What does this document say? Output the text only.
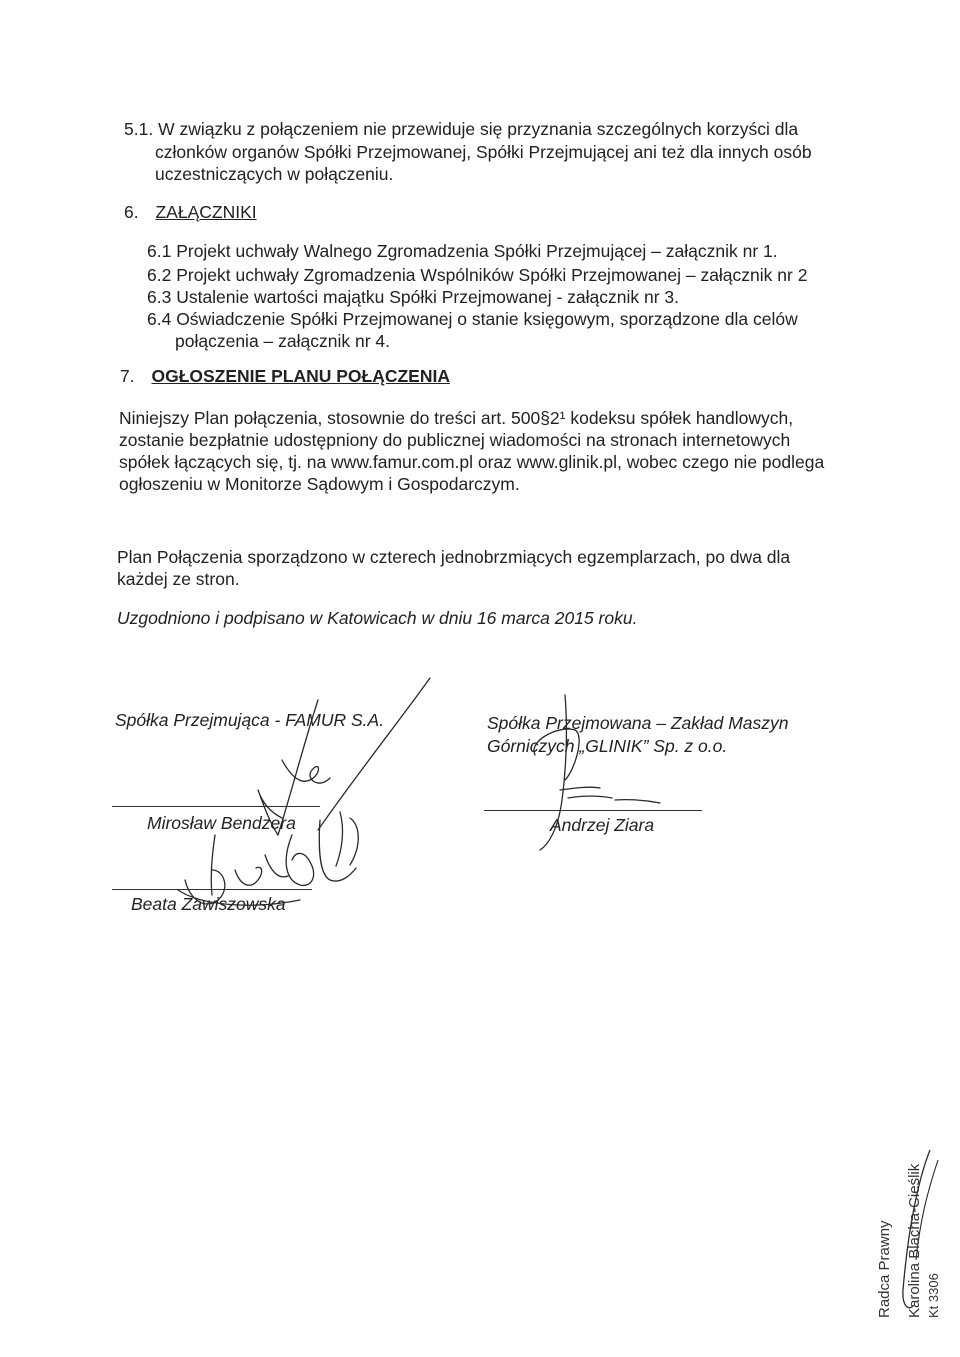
5.1. W związku z połączeniem nie przewiduje się przyznania szczególnych korzyści dla
członków organów Spółki Przejmowanej, Spółki Przejmującej ani też dla innych osób
uczestniczących w połączeniu.
6. ZAŁĄCZNIKI
6.1 Projekt uchwały Walnego Zgromadzenia Spółki Przejmującej – załącznik nr 1.
6.2 Projekt uchwały Zgromadzenia Wspólników Spółki Przejmowanej – załącznik nr 2
6.3 Ustalenie wartości majątku Spółki Przejmowanej - załącznik nr 3.
6.4 Oświadczenie Spółki Przejmowanej o stanie księgowym, sporządzone dla celów
połączenia – załącznik nr 4.
7. OGŁOSZENIE PLANU POŁĄCZENIA
Niniejszy Plan połączenia, stosownie do treści art. 500§2¹ kodeksu spółek handlowych,
zostanie bezpłatnie udostępniony do publicznej wiadomości na stronach internetowych
spółek łączących się, tj. na www.famur.com.pl oraz www.glinik.pl, wobec czego nie podlega
ogłoszeniu w Monitorze Sądowym i Gospodarczym.
Plan Połączenia sporządzono w czterech jednobrzmiących egzemplarzach, po dwa dla
każdej ze stron.
Uzgodniono i podpisano w Katowicach w dniu 16 marca 2015 roku.
Spółka Przejmująca - FAMUR S.A.	Spółka Przejmowana – Zakład Maszyn
Górniczych „GLINIK” Sp. z o.o.
Mirosław Bendzera	Andrzej Ziara
Beata Zawiszowska
Radca Prawny Karolina Blacha-Cieślik Kt 3306
